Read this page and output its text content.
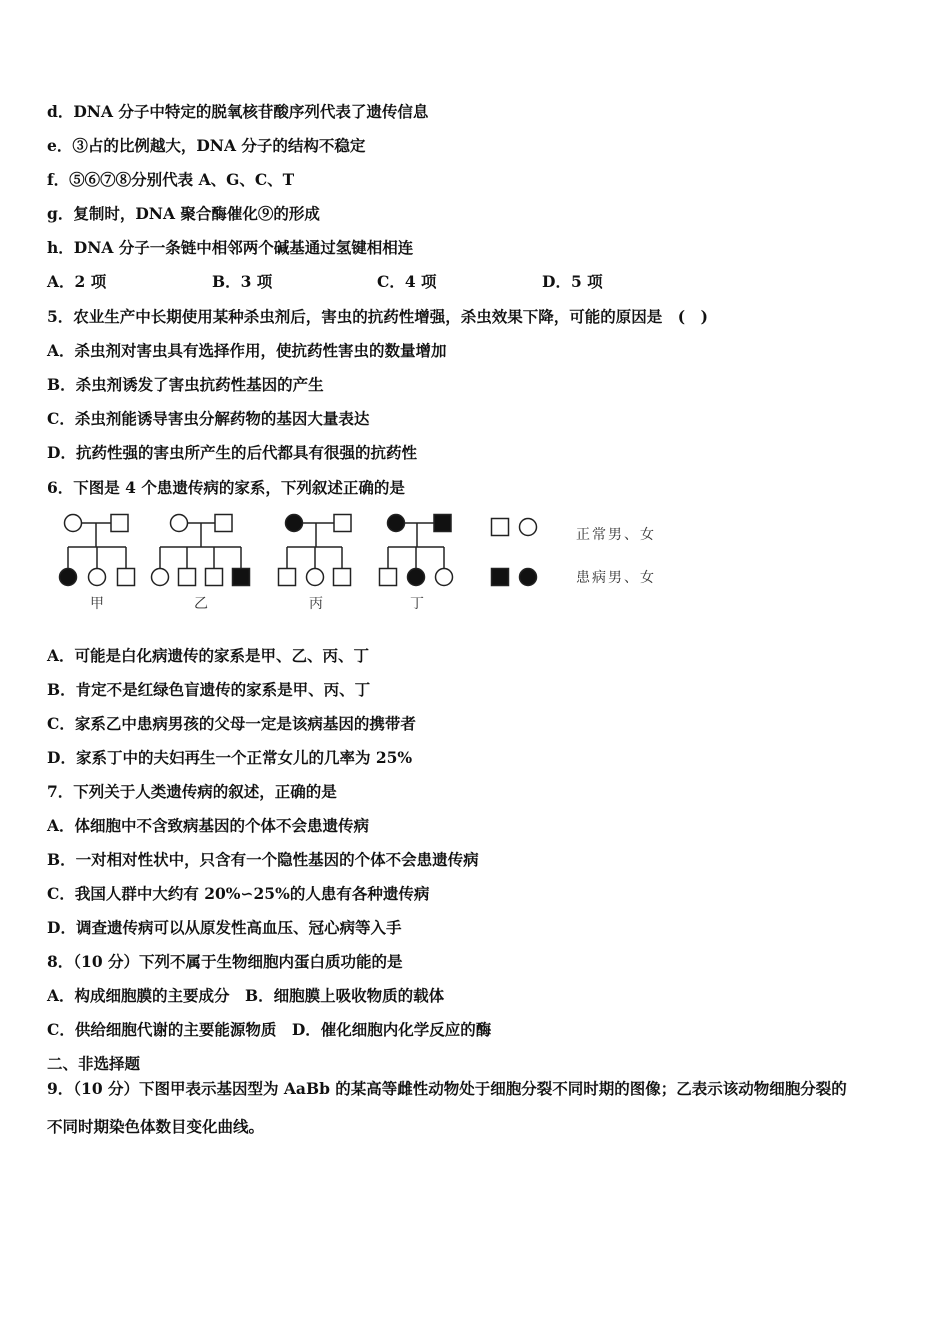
d．DNA 分子中特定的脱氧核苷酸序列代表了遗传信息
e．③占的比例越大，DNA 分子的结构不稳定
f．⑤⑥⑦⑧分别代表 A、G、C、T
g．复制时，DNA 聚合酶催化⑨的形成
h．DNA 分子一条链中相邻两个碱基通过氢键相相连
A．2 项	B．3 项	C．4 项	D．5 项
5．农业生产中长期使用某种杀虫剂后，害虫的抗药性增强，杀虫效果下降，可能的原因是　(　)
A．杀虫剂对害虫具有选择作用，使抗药性害虫的数量增加
B．杀虫剂诱发了害虫抗药性基因的产生
C．杀虫剂能诱导害虫分解药物的基因大量表达
D．抗药性强的害虫所产生的后代都具有很强的抗药性
6．下图是 4 个患遗传病的家系，下列叙述正确的是
甲	乙	丙	丁
正常男、女
患病男、女
A．可能是白化病遗传的家系是甲、乙、丙、丁
B．肯定不是红绿色盲遗传的家系是甲、丙、丁
C．家系乙中患病男孩的父母一定是该病基因的携带者
D．家系丁中的夫妇再生一个正常女儿的几率为 25%
7．下列关于人类遗传病的叙述，正确的是
A．体细胞中不含致病基因的个体不会患遗传病
B．一对相对性状中，只含有一个隐性基因的个体不会患遗传病
C．我国人群中大约有 20%∽25%的人患有各种遗传病
D．调查遗传病可以从原发性高血压、冠心病等入手
8．（10 分）下列不属于生物细胞内蛋白质功能的是
A．构成细胞膜的主要成分　B．细胞膜上吸收物质的载体
C．供给细胞代谢的主要能源物质　D．催化细胞内化学反应的酶
二、非选择题
9．（10 分）下图甲表示基因型为 AaBb 的某高等雌性动物处于细胞分裂不同时期的图像；乙表示该动物细胞分裂的
不同时期染色体数目变化曲线。
